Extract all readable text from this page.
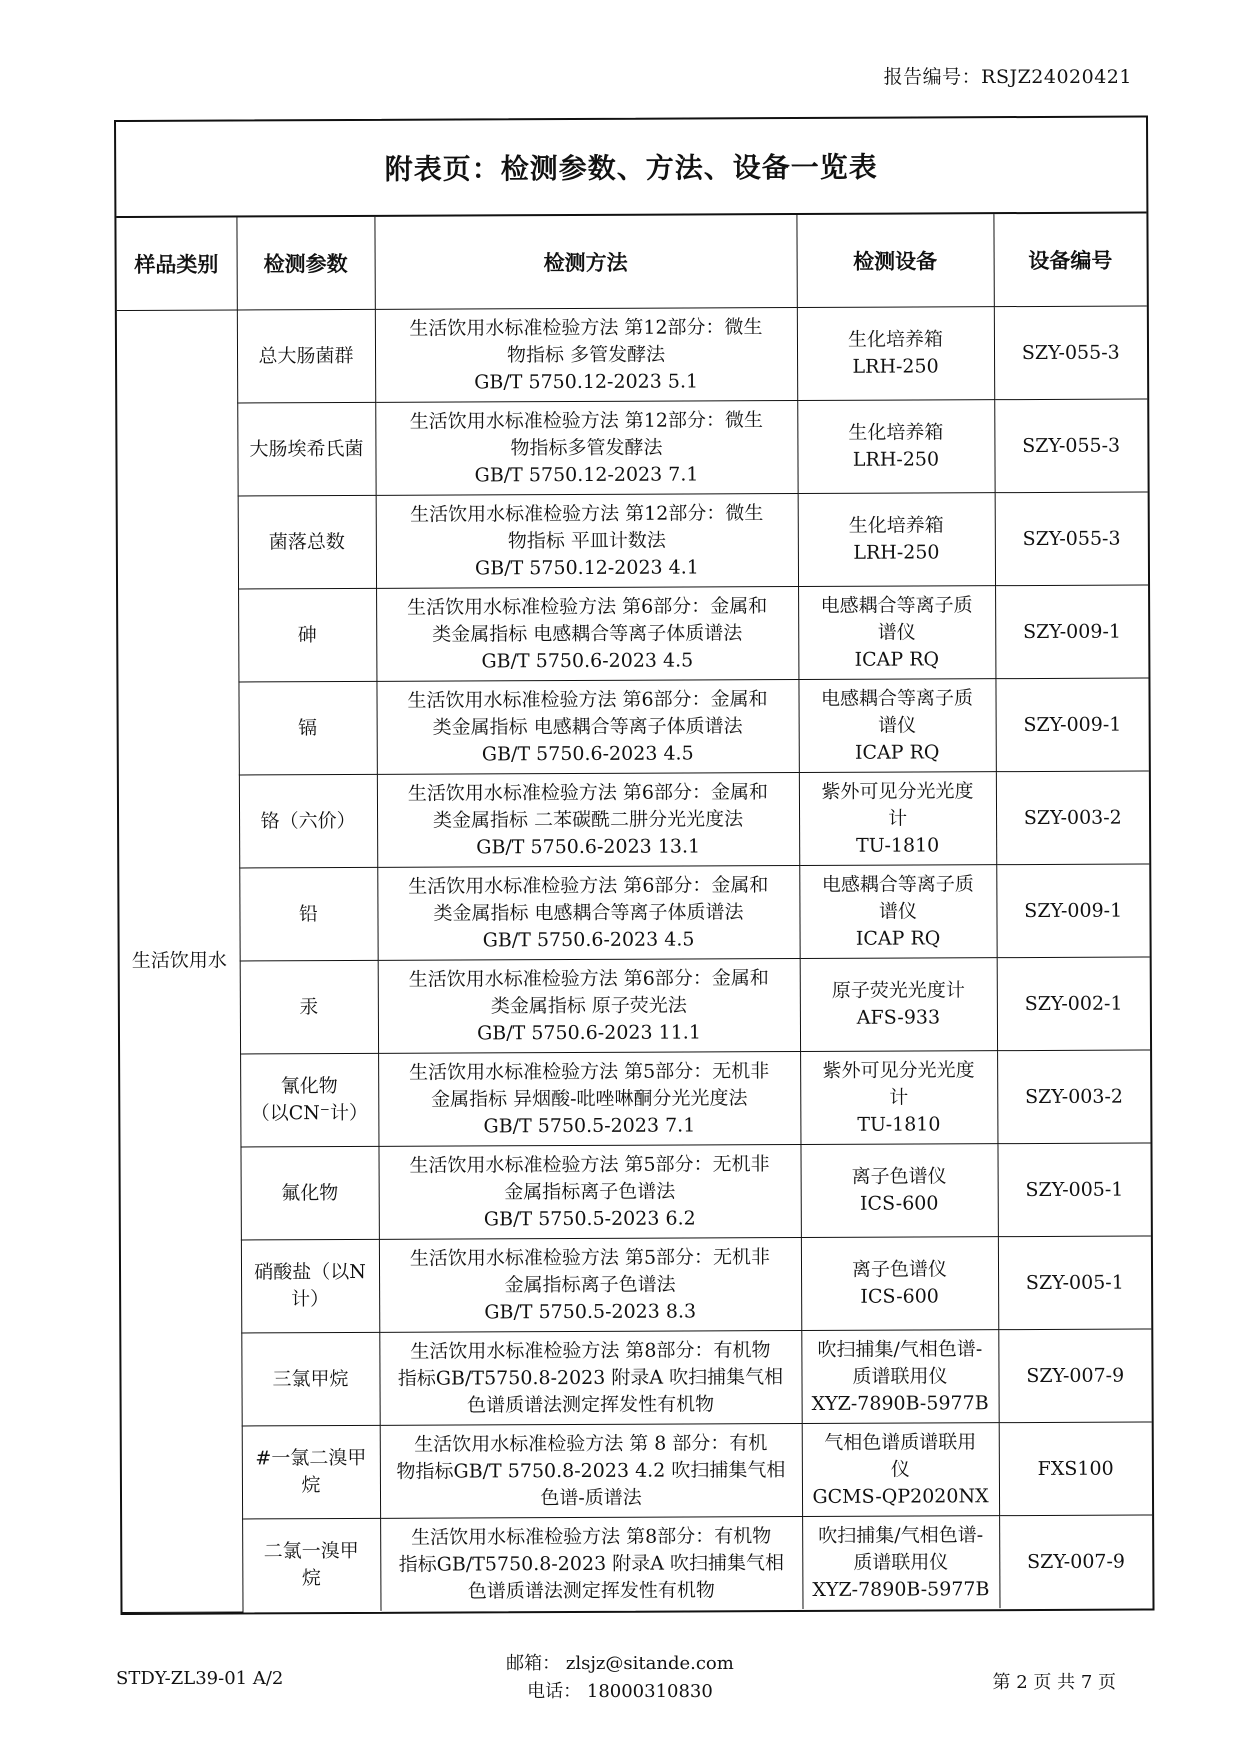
报告编号：RSJZ24020421
附表页：检测参数、方法、设备一览表
样品类别	检测参数	检测方法	检测设备	设备编号
生活饮用水	总大肠菌群	生活饮用水标准检验方法 第12部分：微生
物指标 多管发酵法
GB/T 5750.12-2023 5.1	生化培养箱
LRH-250	SZY-055-3

	大肠埃希氏菌	生活饮用水标准检验方法 第12部分：微生
物指标多管发酵法
GB/T 5750.12-2023 7.1	生化培养箱
LRH-250	SZY-055-3

	菌落总数	生活饮用水标准检验方法 第12部分：微生
物指标 平皿计数法
GB/T 5750.12-2023 4.1	生化培养箱
LRH-250	SZY-055-3

	砷	生活饮用水标准检验方法 第6部分：金属和
类金属指标 电感耦合等离子体质谱法
GB/T 5750.6-2023 4.5	电感耦合等离子质
谱仪
ICAP RQ	SZY-009-1

	镉	生活饮用水标准检验方法 第6部分：金属和
类金属指标 电感耦合等离子体质谱法
GB/T 5750.6-2023 4.5	电感耦合等离子质
谱仪
ICAP RQ	SZY-009-1

	铬（六价）	生活饮用水标准检验方法 第6部分：金属和
类金属指标 二苯碳酰二肼分光光度法
GB/T 5750.6-2023 13.1	紫外可见分光光度
计
TU-1810	SZY-003-2

	铅	生活饮用水标准检验方法 第6部分：金属和
类金属指标 电感耦合等离子体质谱法
GB/T 5750.6-2023 4.5	电感耦合等离子质
谱仪
ICAP RQ	SZY-009-1

	汞	生活饮用水标准检验方法 第6部分：金属和
类金属指标 原子荧光法
GB/T 5750.6-2023 11.1	原子荧光光度计
AFS-933	SZY-002-1

	氰化物
（以CN⁻计）	生活饮用水标准检验方法 第5部分：无机非
金属指标 异烟酸-吡唑啉酮分光光度法
GB/T 5750.5-2023 7.1	紫外可见分光光度
计
TU-1810	SZY-003-2

	氟化物	生活饮用水标准检验方法 第5部分：无机非
金属指标离子色谱法
GB/T 5750.5-2023 6.2	离子色谱仪
ICS-600	SZY-005-1

	硝酸盐（以N
计）	生活饮用水标准检验方法 第5部分：无机非
金属指标离子色谱法
GB/T 5750.5-2023 8.3	离子色谱仪
ICS-600	SZY-005-1

	三氯甲烷	生活饮用水标准检验方法 第8部分：有机物
指标GB/T5750.8-2023 附录A 吹扫捕集气相
色谱质谱法测定挥发性有机物	吹扫捕集/气相色谱-
质谱联用仪
XYZ-7890B-5977B	SZY-007-9

	#一氯二溴甲
烷	生活饮用水标准检验方法 第 8 部分：有机
物指标GB/T 5750.8-2023 4.2 吹扫捕集气相
色谱-质谱法	气相色谱质谱联用
仪
GCMS-QP2020NX	FXS100

	二氯一溴甲
烷	生活饮用水标准检验方法 第8部分：有机物
指标GB/T5750.8-2023 附录A 吹扫捕集气相
色谱质谱法测定挥发性有机物	吹扫捕集/气相色谱-
质谱联用仪
XYZ-7890B-5977B	SZY-007-9
邮箱： zlsjz@sitande.com
电话： 18000310830
STDY-ZL39-01 A/2	第 2 页 共 7 页
